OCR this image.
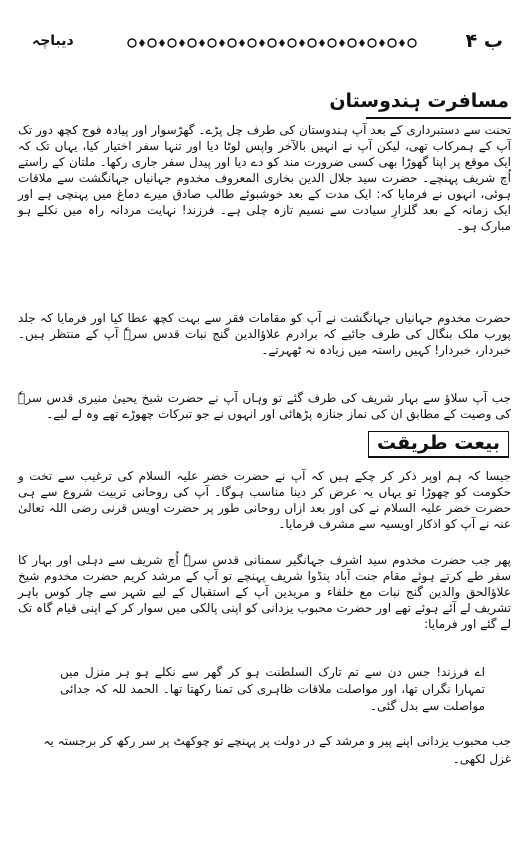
ب ۴
دیباچہ
مسافرت ہندوستان

تحنت سے دستبرداری کے بعد آپ ہندوستان کی طرف چل پڑے۔ گھڑسوار اور پیادہ فوج کچھ دور تک آپ کے ہمرکاب تھی، لیکن آپ نے انہیں بالآخر واپس لوٹا دیا اور تنہا سفر اختیار کیا، یہاں تک کہ ایک موقع پر اپنا گھوڑا بھی کسی ضرورت مند کو دے دیا اور پیدل سفر جاری رکھا۔ ملتان کے راستے اُچ شریف پہنچے۔ حضرت سید جلال الدین بخاری المعروف مخدوم جہانیاں جہانگشت سے ملاقات ہوئی، انہوں نے فرمایا کہ: ایک مدت کے بعد خوشبوئے طالب صادق میرے دماغ میں پہنچی ہے اور ایک زمانہ کے بعد گلزارِ سیادت سے نسیم تازہ چلی ہے۔ فرزند! نہایت مردانہ راہ میں نکلے ہو مبارک ہو۔

حضرت مخدوم جہانیاں جہانگشت نے آپ کو مقامات فقر سے بہت کچھ عطا کیا اور فرمایا کہ جلد پورب ملک بنگال کی طرف جائیے کہ برادرم علاؤالدین گنج نبات قدس سرہٗ آپ کے منتظر ہیں۔ خبردار، خبردار! کہیں راستہ میں زیادہ نہ ٹھہرتے۔

جب آپ سلاؤ سے بہار شریف کی طرف گئے تو وہاں آپ نے حضرت شیخ یحییٰ منیری قدس سرہٗ کی وصیت کے مطابق ان کی نماز جنازہ پڑھائی اور انہوں نے جو تبرکات چھوڑے تھے وہ لے لیے۔

بیعت طریقت

جیسا کہ ہم اوپر ذکر کر چکے ہیں کہ آپ نے حضرت خضر علیہ السلام کی ترغیب سے تخت و حکومت کو چھوڑا تو یہاں یہ عرض کر دینا مناسب ہوگا۔ آپ کی روحانی تربیت شروع سے ہی حضرت خضر علیہ السلام نے کی اور بعد ازاں روحانی طور پر حضرت اویس قرنی رضی اللہ تعالیٰ عنہ نے آپ کو اذکار اویسیہ سے مشرف فرمایا۔

پھر جب حضرت مخدوم سید اشرف جہانگیر سمنانی قدس سرہٗ اُچ شریف سے دہلی اور بہار کا سفر طے کرتے ہوئے مقام جنت آباد پنڈوا شریف پہنچے تو آپ کے مرشد کریم حضرت مخدوم شیخ علاؤالحق والدین گنج نبات مع خلفاء و مریدین آپ کے استقبال کے لیے شہر سے چار کوس باہر تشریف لے آئے ہوئے تھے اور حضرت محبوب یزدانی کو اپنی پالکی میں سوار کر کے اپنی قیام گاہ تک لے گئے اور فرمایا:

اے فرزند! جس دن سے تم تارک السلطنت ہو کر گھر سے نکلے ہو ہر منزل میں تمہارا نگراں تھا، اور مواصلت ملاقات ظاہری کی تمنا رکھتا تھا۔ الحمد للہ کہ جدائی مواصلت سے بدل گئی۔

جب محبوب یزدانی اپنے پیر و مرشد کے در دولت پر پہنچے تو چوکھٹ پر سر رکھ کر برجستہ یہ غزل لکھی۔
